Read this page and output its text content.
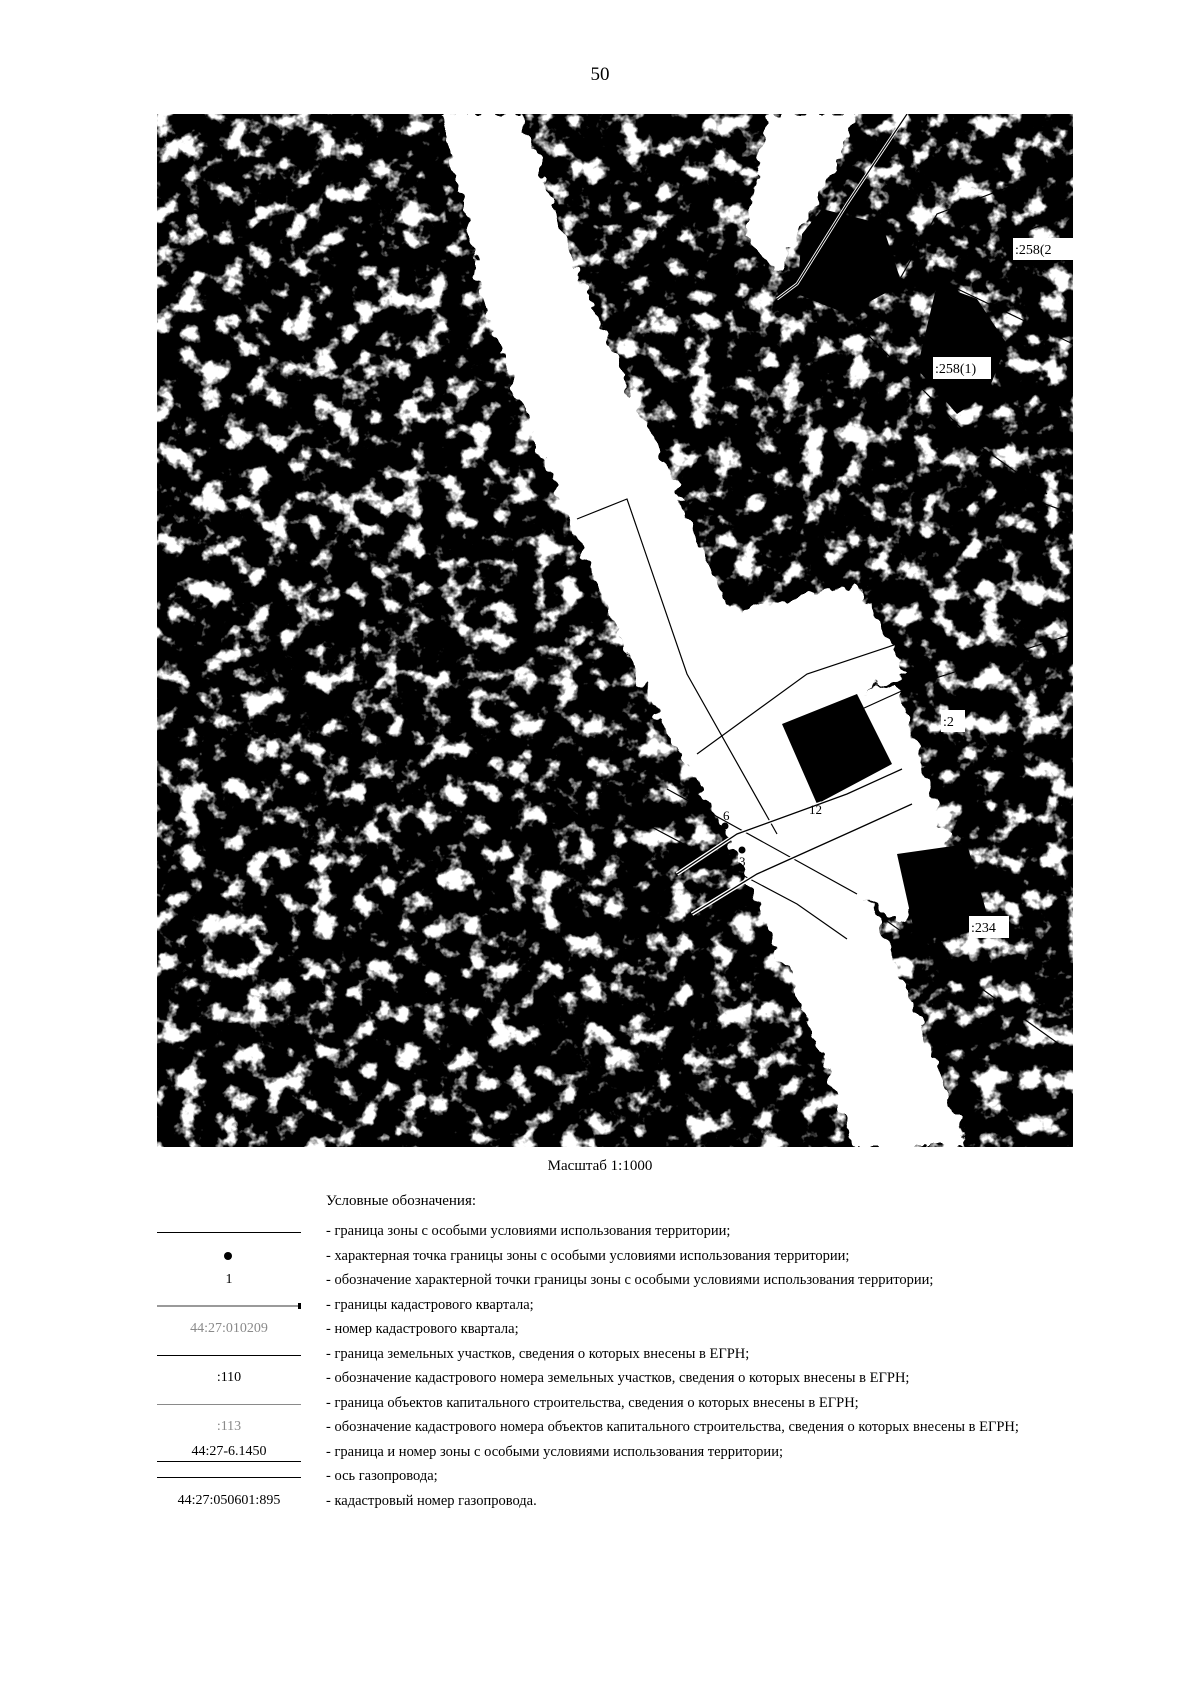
50
:258(2
:258(1)
:2
:234
7 8
9
12
6
3
Масштаб 1:1000
Условные обозначения:
- граница зоны с особыми условиями использования территории;
- характерная точка границы зоны с особыми условиями использования территории;
1	- обозначение характерной точки границы зоны с особыми условиями использования территории;
- границы кадастрового квартала;
44:27:010209	- номер кадастрового квартала;
- граница земельных участков, сведения о которых внесены в ЕГРН;
:110	- обозначение кадастрового номера земельных участков, сведения о которых внесены в ЕГРН;
- граница объектов капитального строительства, сведения о которых внесены в ЕГРН;
:113	- обозначение кадастрового номера объектов капитального строительства, сведения о которых внесены в ЕГРН;
44:27-6.1450	- граница и номер зоны с особыми условиями использования территории;
- ось газопровода;
44:27:050601:895	- кадастровый номер газопровода.
